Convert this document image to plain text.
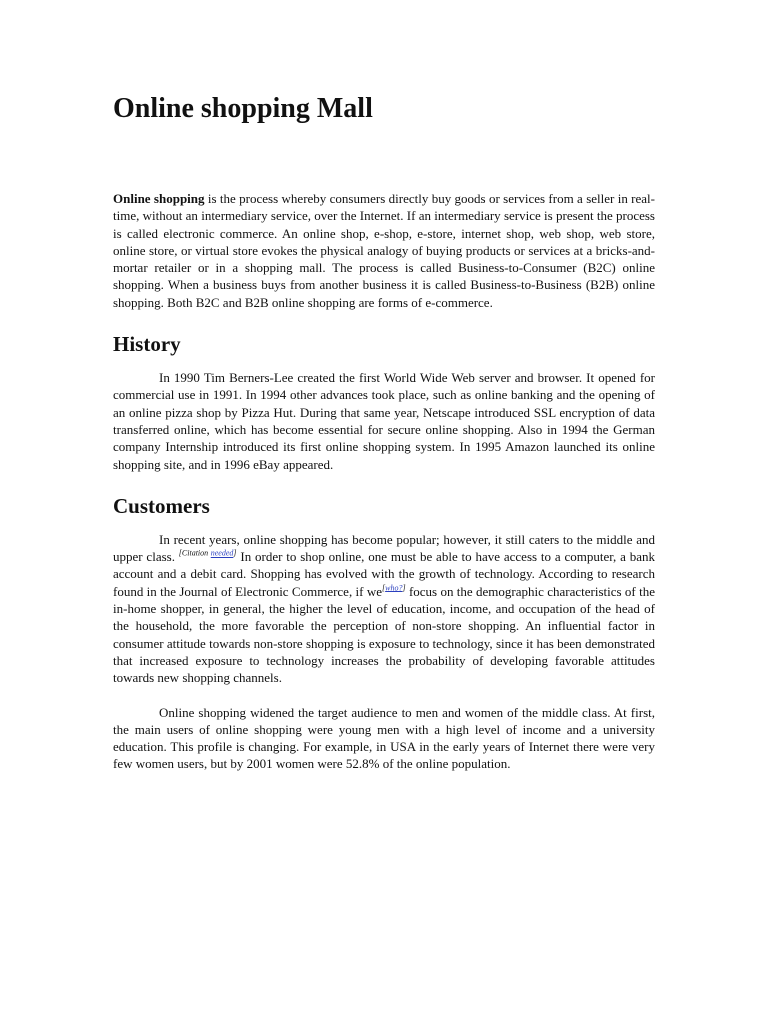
Online shopping Mall

Online shopping is the process whereby consumers directly buy goods or services from a seller in real-time, without an intermediary service, over the Internet. If an intermediary service is present the process is called electronic commerce. An online shop, e-shop, e-store, internet shop, web shop, web store, online store, or virtual store evokes the physical analogy of buying products or services at a bricks-and-mortar retailer or in a shopping mall. The process is called Business-to-Consumer (B2C) online shopping. When a business buys from another business it is called Business-to-Business (B2B) online shopping. Both B2C and B2B online shopping are forms of e-commerce.

History

In 1990 Tim Berners-Lee created the first World Wide Web server and browser. It opened for commercial use in 1991. In 1994 other advances took place, such as online banking and the opening of an online pizza shop by Pizza Hut. During that same year, Netscape introduced SSL encryption of data transferred online, which has become essential for secure online shopping. Also in 1994 the German company Internship introduced its first online shopping system. In 1995 Amazon launched its online shopping site, and in 1996 eBay appeared.

Customers

In recent years, online shopping has become popular; however, it still caters to the middle and upper class. [Citation needed] In order to shop online, one must be able to have access to a computer, a bank account and a debit card. Shopping has evolved with the growth of technology. According to research found in the Journal of Electronic Commerce, if we[who?] focus on the demographic characteristics of the in-home shopper, in general, the higher the level of education, income, and occupation of the head of the household, the more favorable the perception of non-store shopping. An influential factor in consumer attitude towards non-store shopping is exposure to technology, since it has been demonstrated that increased exposure to technology increases the probability of developing favorable attitudes towards new shopping channels.

Online shopping widened the target audience to men and women of the middle class. At first, the main users of online shopping were young men with a high level of income and a university education. This profile is changing. For example, in USA in the early years of Internet there were very few women users, but by 2001 women were 52.8% of the online population.
